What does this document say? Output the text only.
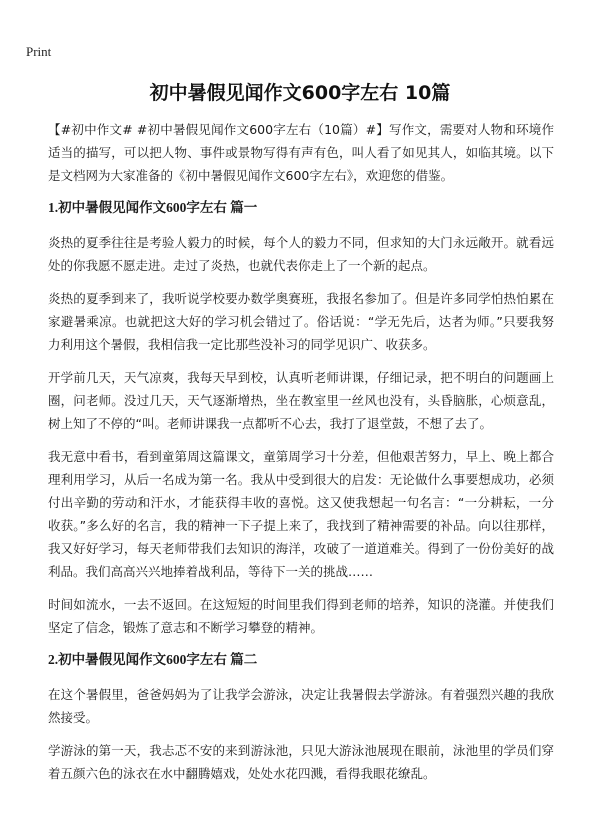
Print
初中暑假见闻作文600字左右 10篇

【#初中作文# #初中暑假见闻作文600字左右（10篇）#】写作文，需要对人物和环境作适当的描写，可以把人物、事件或景物写得有声有色，叫人看了如见其人，如临其境。以下是文档网为大家准备的《初中暑假见闻作文600字左右》，欢迎您的借鉴。

1.初中暑假见闻作文600字左右 篇一

炎热的夏季往往是考验人毅力的时候，每个人的毅力不同，但求知的大门永远敞开。就看远处的你我愿不愿走进。走过了炎热，也就代表你走上了一个新的起点。

炎热的夏季到来了，我听说学校要办数学奥赛班，我报名参加了。但是许多同学怕热怕累在家避暑乘凉。也就把这大好的学习机会错过了。俗话说：“学无先后，达者为师。”只要我努力利用这个暑假，我相信我一定比那些没补习的同学见识广、收获多。

开学前几天，天气凉爽，我每天早到校，认真听老师讲课，仔细记录，把不明白的问题画上圈，问老师。没过几天，天气逐渐增热，坐在教室里一丝风也没有，头昏脑胀，心烦意乱，树上知了不停的“叫。老师讲课我一点都听不心去，我打了退堂鼓，不想了去了。

我无意中看书，看到童第周这篇课文，童第周学习十分差，但他艰苦努力，早上、晚上都合理利用学习，从后一名成为第一名。我从中受到很大的启发：无论做什么事要想成功，必须付出辛勤的劳动和汗水，才能获得丰收的喜悦。这又使我想起一句名言：“一分耕耘，一分收获。”多么好的名言，我的精神一下子提上来了，我找到了精神需要的补品。向以往那样，我又好好学习，每天老师带我们去知识的海洋，攻破了一道道难关。得到了一份份美好的战利品。我们高高兴兴地捧着战利品，等待下一关的挑战……

时间如流水，一去不返回。在这短短的时间里我们得到老师的培养，知识的浇灌。并使我们坚定了信念，锻炼了意志和不断学习攀登的精神。

2.初中暑假见闻作文600字左右 篇二

在这个暑假里，爸爸妈妈为了让我学会游泳，决定让我暑假去学游泳。有着强烈兴趣的我欣然接受。

学游泳的第一天，我忐忑不安的来到游泳池，只见大游泳池展现在眼前，泳池里的学员们穿着五颜六色的泳衣在水中翻腾嬉戏，处处水花四溅，看得我眼花缭乱。
